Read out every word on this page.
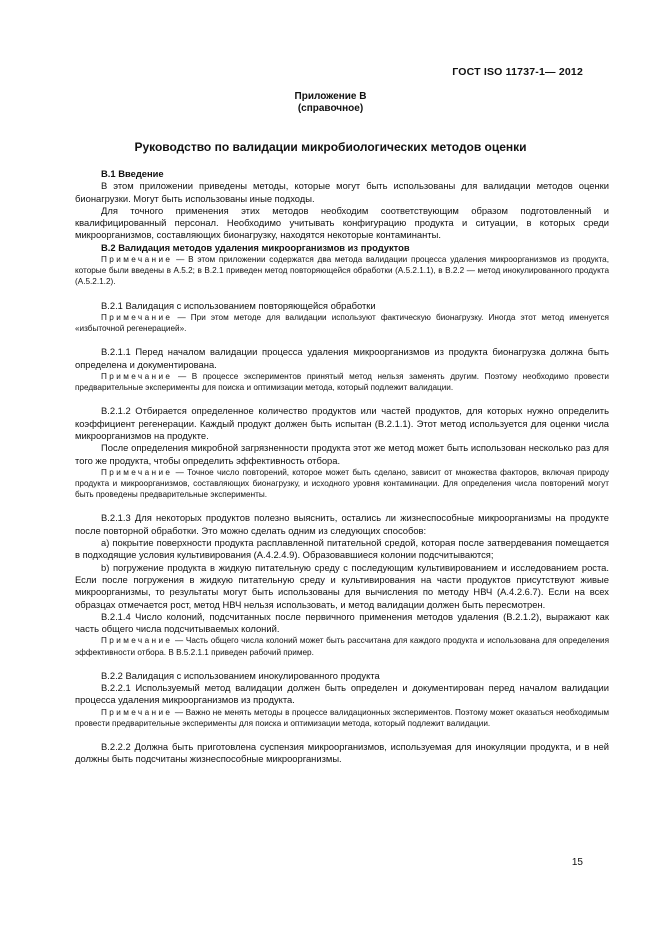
ГОСТ ISO 11737-1— 2012
Приложение В
(справочное)
Руководство по валидации микробиологических методов оценки

В.1 Введение

В этом приложении приведены методы, которые могут быть использованы для валидации методов оценки бионагрузки. Могут быть использованы иные подходы.

Для точного применения этих методов необходим соответствующим образом подготовленный и квалифицированный персонал. Необходимо учитывать конфигурацию продукта и ситуации, в которых среди микроорганизмов, составляющих бионагрузку, находятся некоторые контаминанты.

В.2 Валидация методов удаления микроорганизмов из продуктов

Примечание — В этом приложении содержатся два метода валидации процесса удаления микроорганизмов из продукта, которые были введены в А.5.2; в В.2.1 приведен метод повторяющейся обработки (А.5.2.1.1), в В.2.2 — метод инокулированного продукта (А.5.2.1.2).

В.2.1 Валидация с использованием повторяющейся обработки

Примечание — При этом методе для валидации используют фактическую бионагрузку. Иногда этот метод именуется «избыточной регенерацией».

В.2.1.1 Перед началом валидации процесса удаления микроорганизмов из продукта бионагрузка должна быть определена и документирована.

Примечание — В процессе экспериментов принятый метод нельзя заменять другим. Поэтому необходимо провести предварительные эксперименты для поиска и оптимизации метода, который подлежит валидации.

В.2.1.2 Отбирается определенное количество продуктов или частей продуктов, для которых нужно определить коэффициент регенерации. Каждый продукт должен быть испытан (В.2.1.1). Этот метод используется для оценки числа микроорганизмов на продукте.

После определения микробной загрязненности продукта этот же метод может быть использован несколько раз для того же продукта, чтобы определить эффективность отбора.

Примечание — Точное число повторений, которое может быть сделано, зависит от множества факторов, включая природу продукта и микроорганизмов, составляющих бионагрузку, и исходного уровня контаминации. Для определения числа повторений могут быть проведены предварительные эксперименты.

В.2.1.3 Для некоторых продуктов полезно выяснить, остались ли жизнеспособные микроорганизмы на продукте после повторной обработки. Это можно сделать одним из следующих способов:

а) покрытие поверхности продукта расплавленной питательной средой, которая после затвердевания помещается в подходящие условия культивирования (А.4.2.4.9). Образовавшиеся колонии подсчитываются;

b) погружение продукта в жидкую питательную среду с последующим культивированием и исследованием роста. Если после погружения в жидкую питательную среду и культивирования на части продуктов присутствуют живые микроорганизмы, то результаты могут быть использованы для вычисления по методу НВЧ (А.4.2.6.7). Если на всех образцах отмечается рост, метод НВЧ нельзя использовать, и метод валидации должен быть пересмотрен.

В.2.1.4 Число колоний, подсчитанных после первичного применения методов удаления (В.2.1.2), выражают как часть общего числа подсчитываемых колоний.

Примечание — Часть общего числа колоний может быть рассчитана для каждого продукта и использована для определения эффективности отбора. В В.5.2.1.1 приведен рабочий пример.

В.2.2 Валидация с использованием инокулированного продукта

В.2.2.1 Используемый метод валидации должен быть определен и документирован перед началом валидации процесса удаления микроорганизмов из продукта.

Примечание — Важно не менять методы в процессе валидационных экспериментов. Поэтому может оказаться необходимым провести предварительные эксперименты для поиска и оптимизации метода, который подлежит валидации.

В.2.2.2 Должна быть приготовлена суспензия микроорганизмов, используемая для инокуляции продукта, и в ней должны быть подсчитаны жизнеспособные микроорганизмы.

15
